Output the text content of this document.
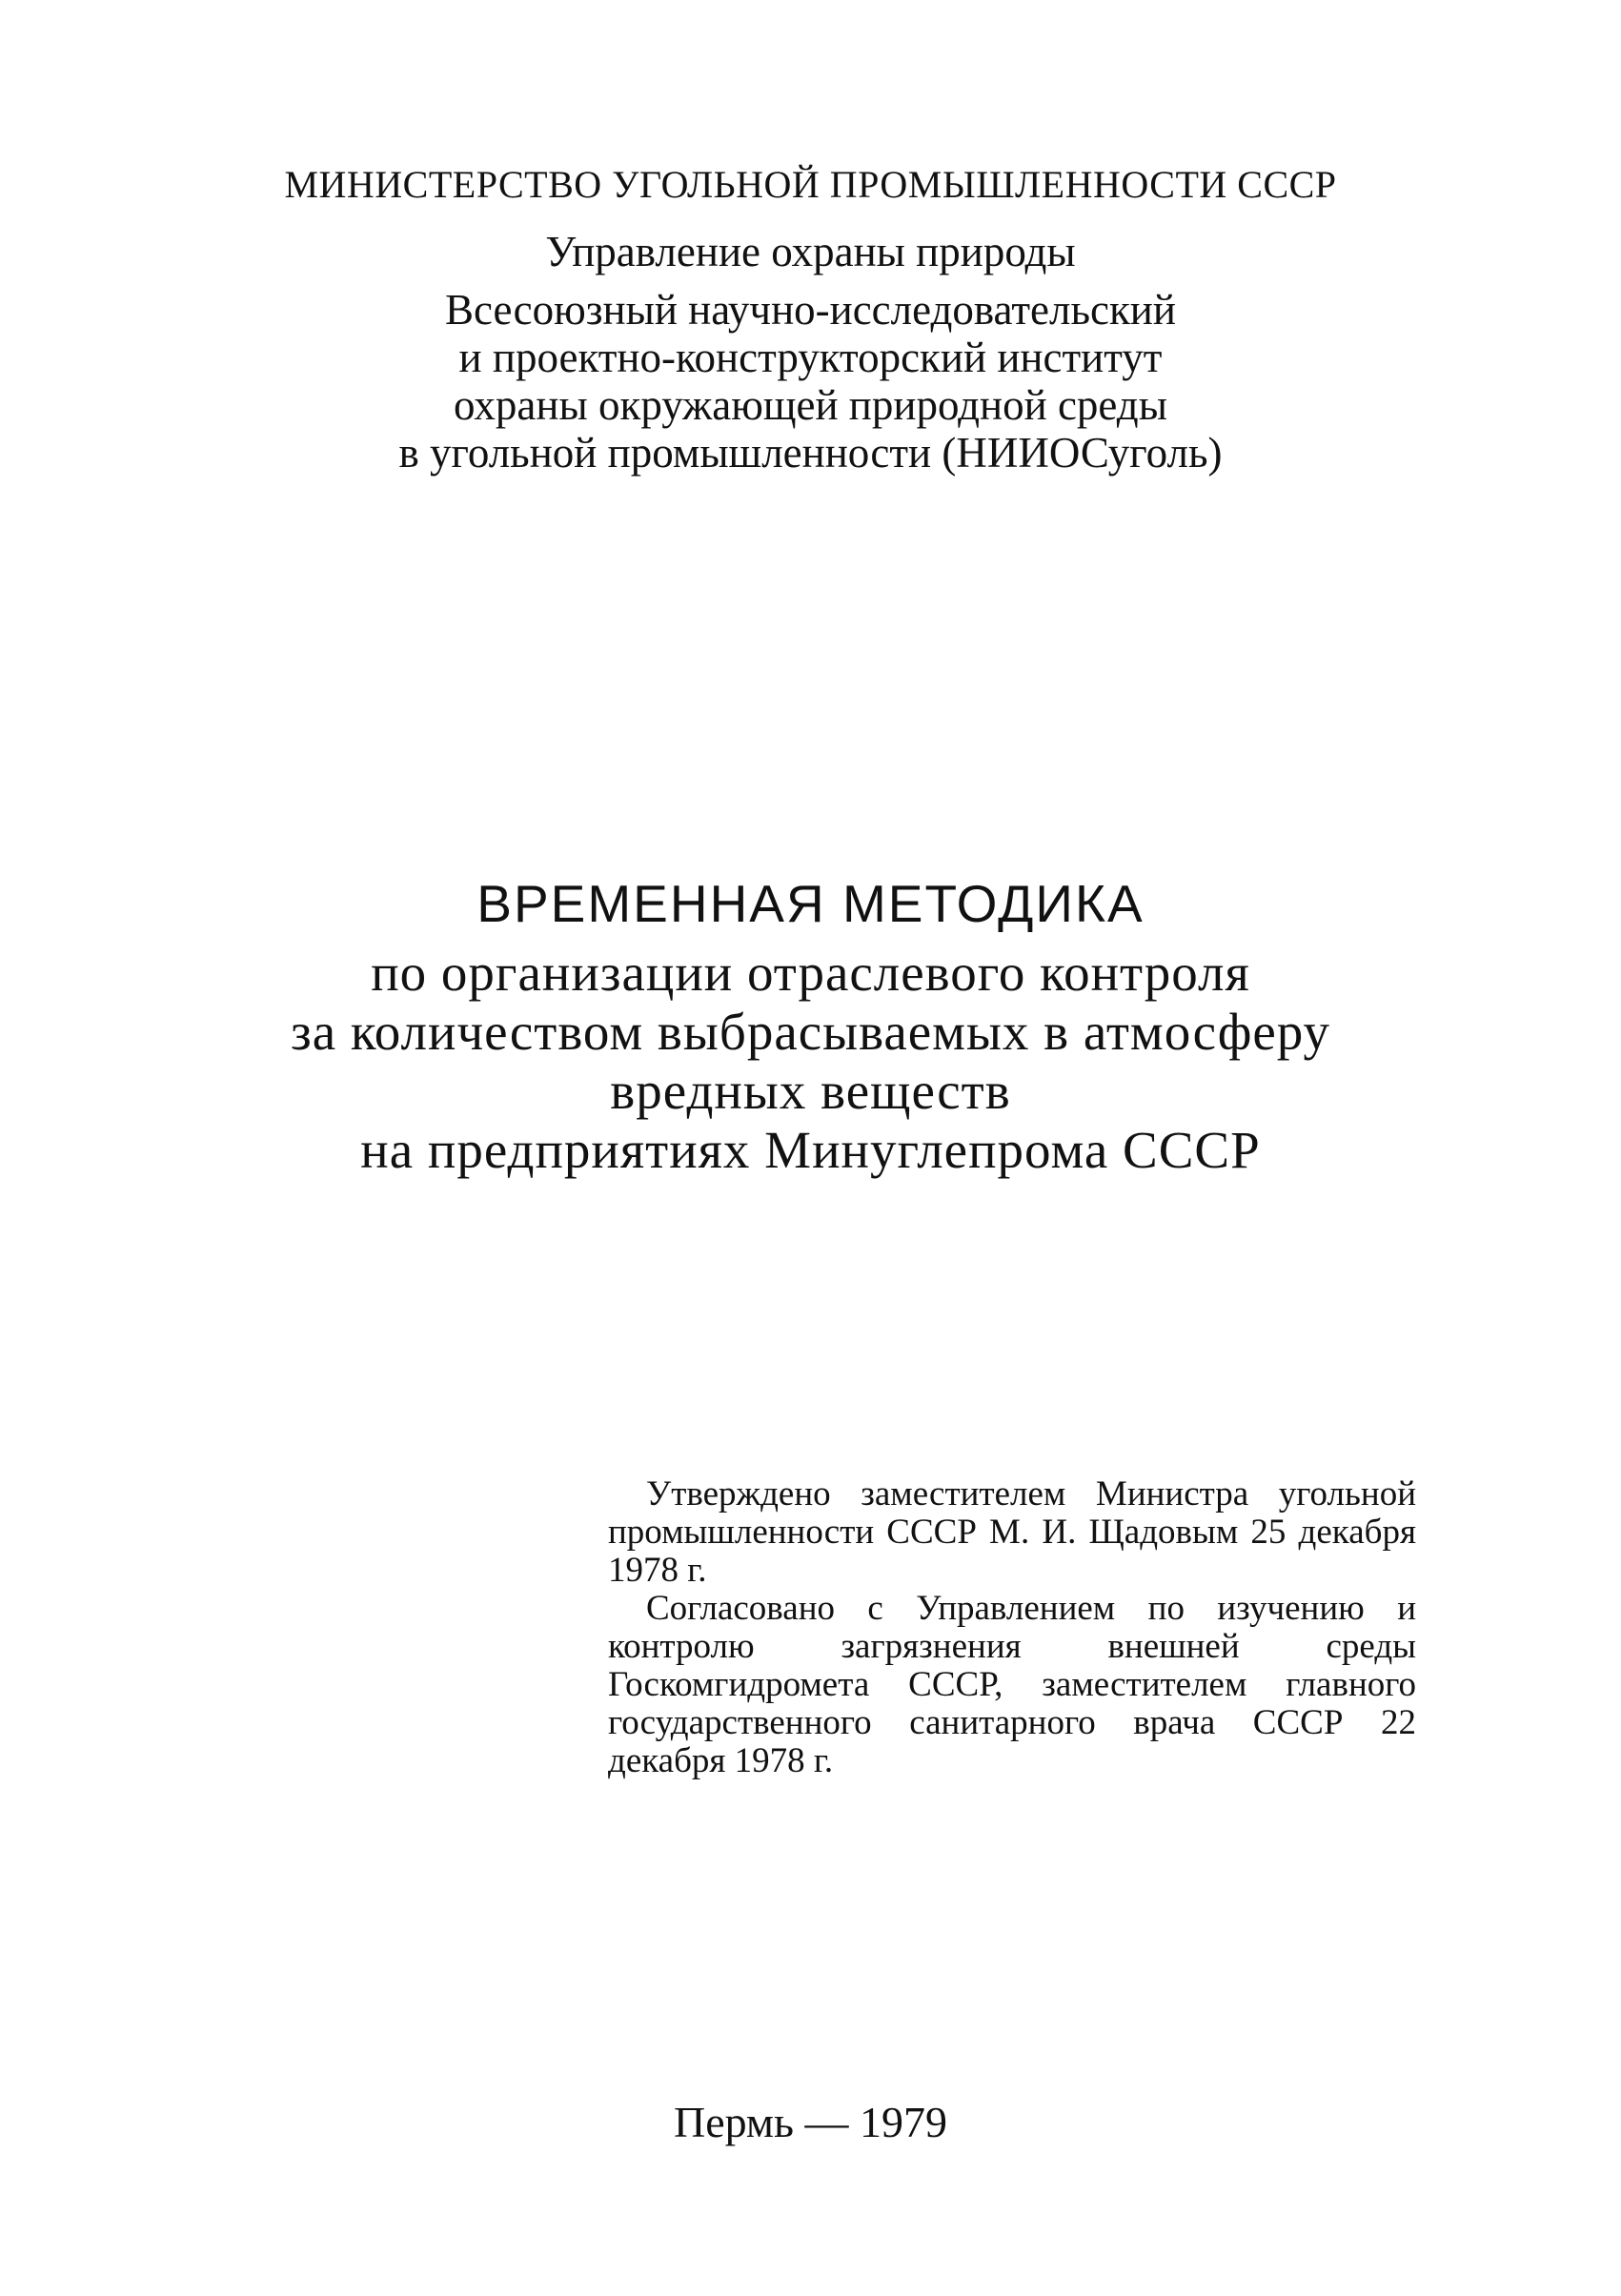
МИНИСТЕРСТВО УГОЛЬНОЙ ПРОМЫШЛЕННОСТИ СССР
Управление охраны природы
Всесоюзный научно-исследовательский
и проектно-конструкторский институт
охраны окружающей природной среды
в угольной промышленности (НИИОСуголь)
ВРЕМЕННАЯ МЕТОДИКА
по организации отраслевого контроля
за количеством выбрасываемых в атмосферу
вредных веществ
на предприятиях Минуглепрома СССР

Утверждено заместителем Министра угольной промышленности СССР М. И. Щадовым 25 декабря 1978 г.

Согласовано с Управлением по изучению и контролю загрязнения внешней среды Госкомгидромета СССР, заместителем главного государственного санитарного врача СССР 22 декабря 1978 г.

Пермь — 1979
